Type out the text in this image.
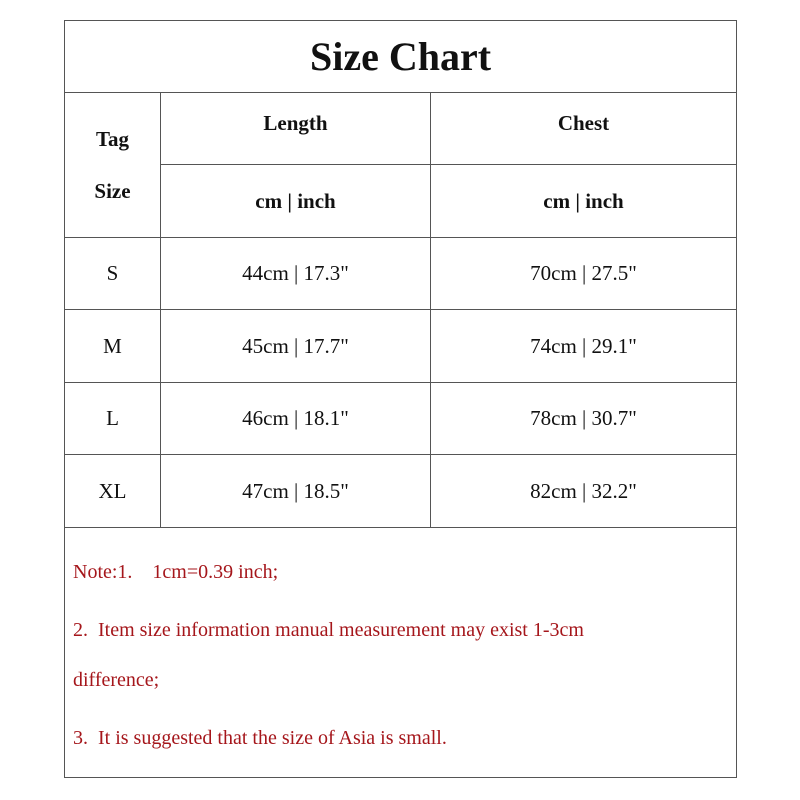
Size Chart
Tag
Size
Length	Chest
cm | inch	cm | inch
S	44cm | 17.3"	70cm | 27.5"
M	45cm | 17.7"	74cm | 29.1"
L	46cm | 18.1"	78cm | 30.7"
XL	47cm | 18.5"	82cm | 32.2"
Note:1.    1cm=0.39 inch;
2.  Item size information manual measurement may exist 1-3cm
difference;
3.  It is suggested that the size of Asia is small.
